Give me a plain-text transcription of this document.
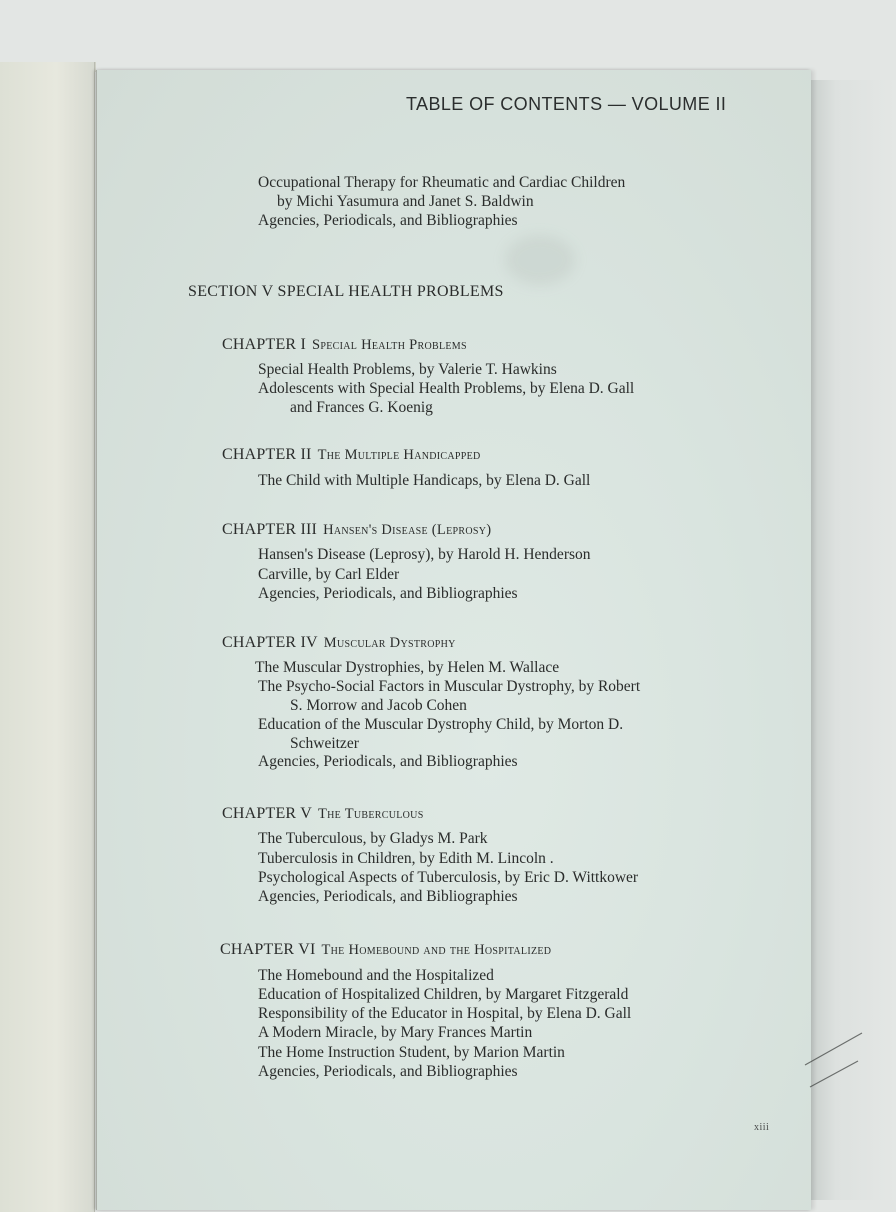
TABLE OF CONTENTS — VOLUME II
Occupational Therapy for Rheumatic and Cardiac Children
by Michi Yasumura and Janet S. Baldwin
Agencies, Periodicals, and Bibliographies
SECTION V SPECIAL HEALTH PROBLEMS
CHAPTER I Special Health Problems
Special Health Problems, by Valerie T. Hawkins
Adolescents with Special Health Problems, by Elena D. Gall
and Frances G. Koenig
CHAPTER II The Multiple Handicapped
The Child with Multiple Handicaps, by Elena D. Gall
CHAPTER III Hansen's Disease (Leprosy)
Hansen's Disease (Leprosy), by Harold H. Henderson
Carville, by Carl Elder
Agencies, Periodicals, and Bibliographies
CHAPTER IV Muscular Dystrophy
The Muscular Dystrophies, by Helen M. Wallace
The Psycho-Social Factors in Muscular Dystrophy, by Robert
S. Morrow and Jacob Cohen
Education of the Muscular Dystrophy Child, by Morton D.
Schweitzer
Agencies, Periodicals, and Bibliographies
CHAPTER V The Tuberculous
The Tuberculous, by Gladys M. Park
Tuberculosis in Children, by Edith M. Lincoln .
Psychological Aspects of Tuberculosis, by Eric D. Wittkower
Agencies, Periodicals, and Bibliographies
CHAPTER VI The Homebound and the Hospitalized
The Homebound and the Hospitalized
Education of Hospitalized Children, by Margaret Fitzgerald
Responsibility of the Educator in Hospital, by Elena D. Gall
A Modern Miracle, by Mary Frances Martin
The Home Instruction Student, by Marion Martin
Agencies, Periodicals, and Bibliographies
xiii
